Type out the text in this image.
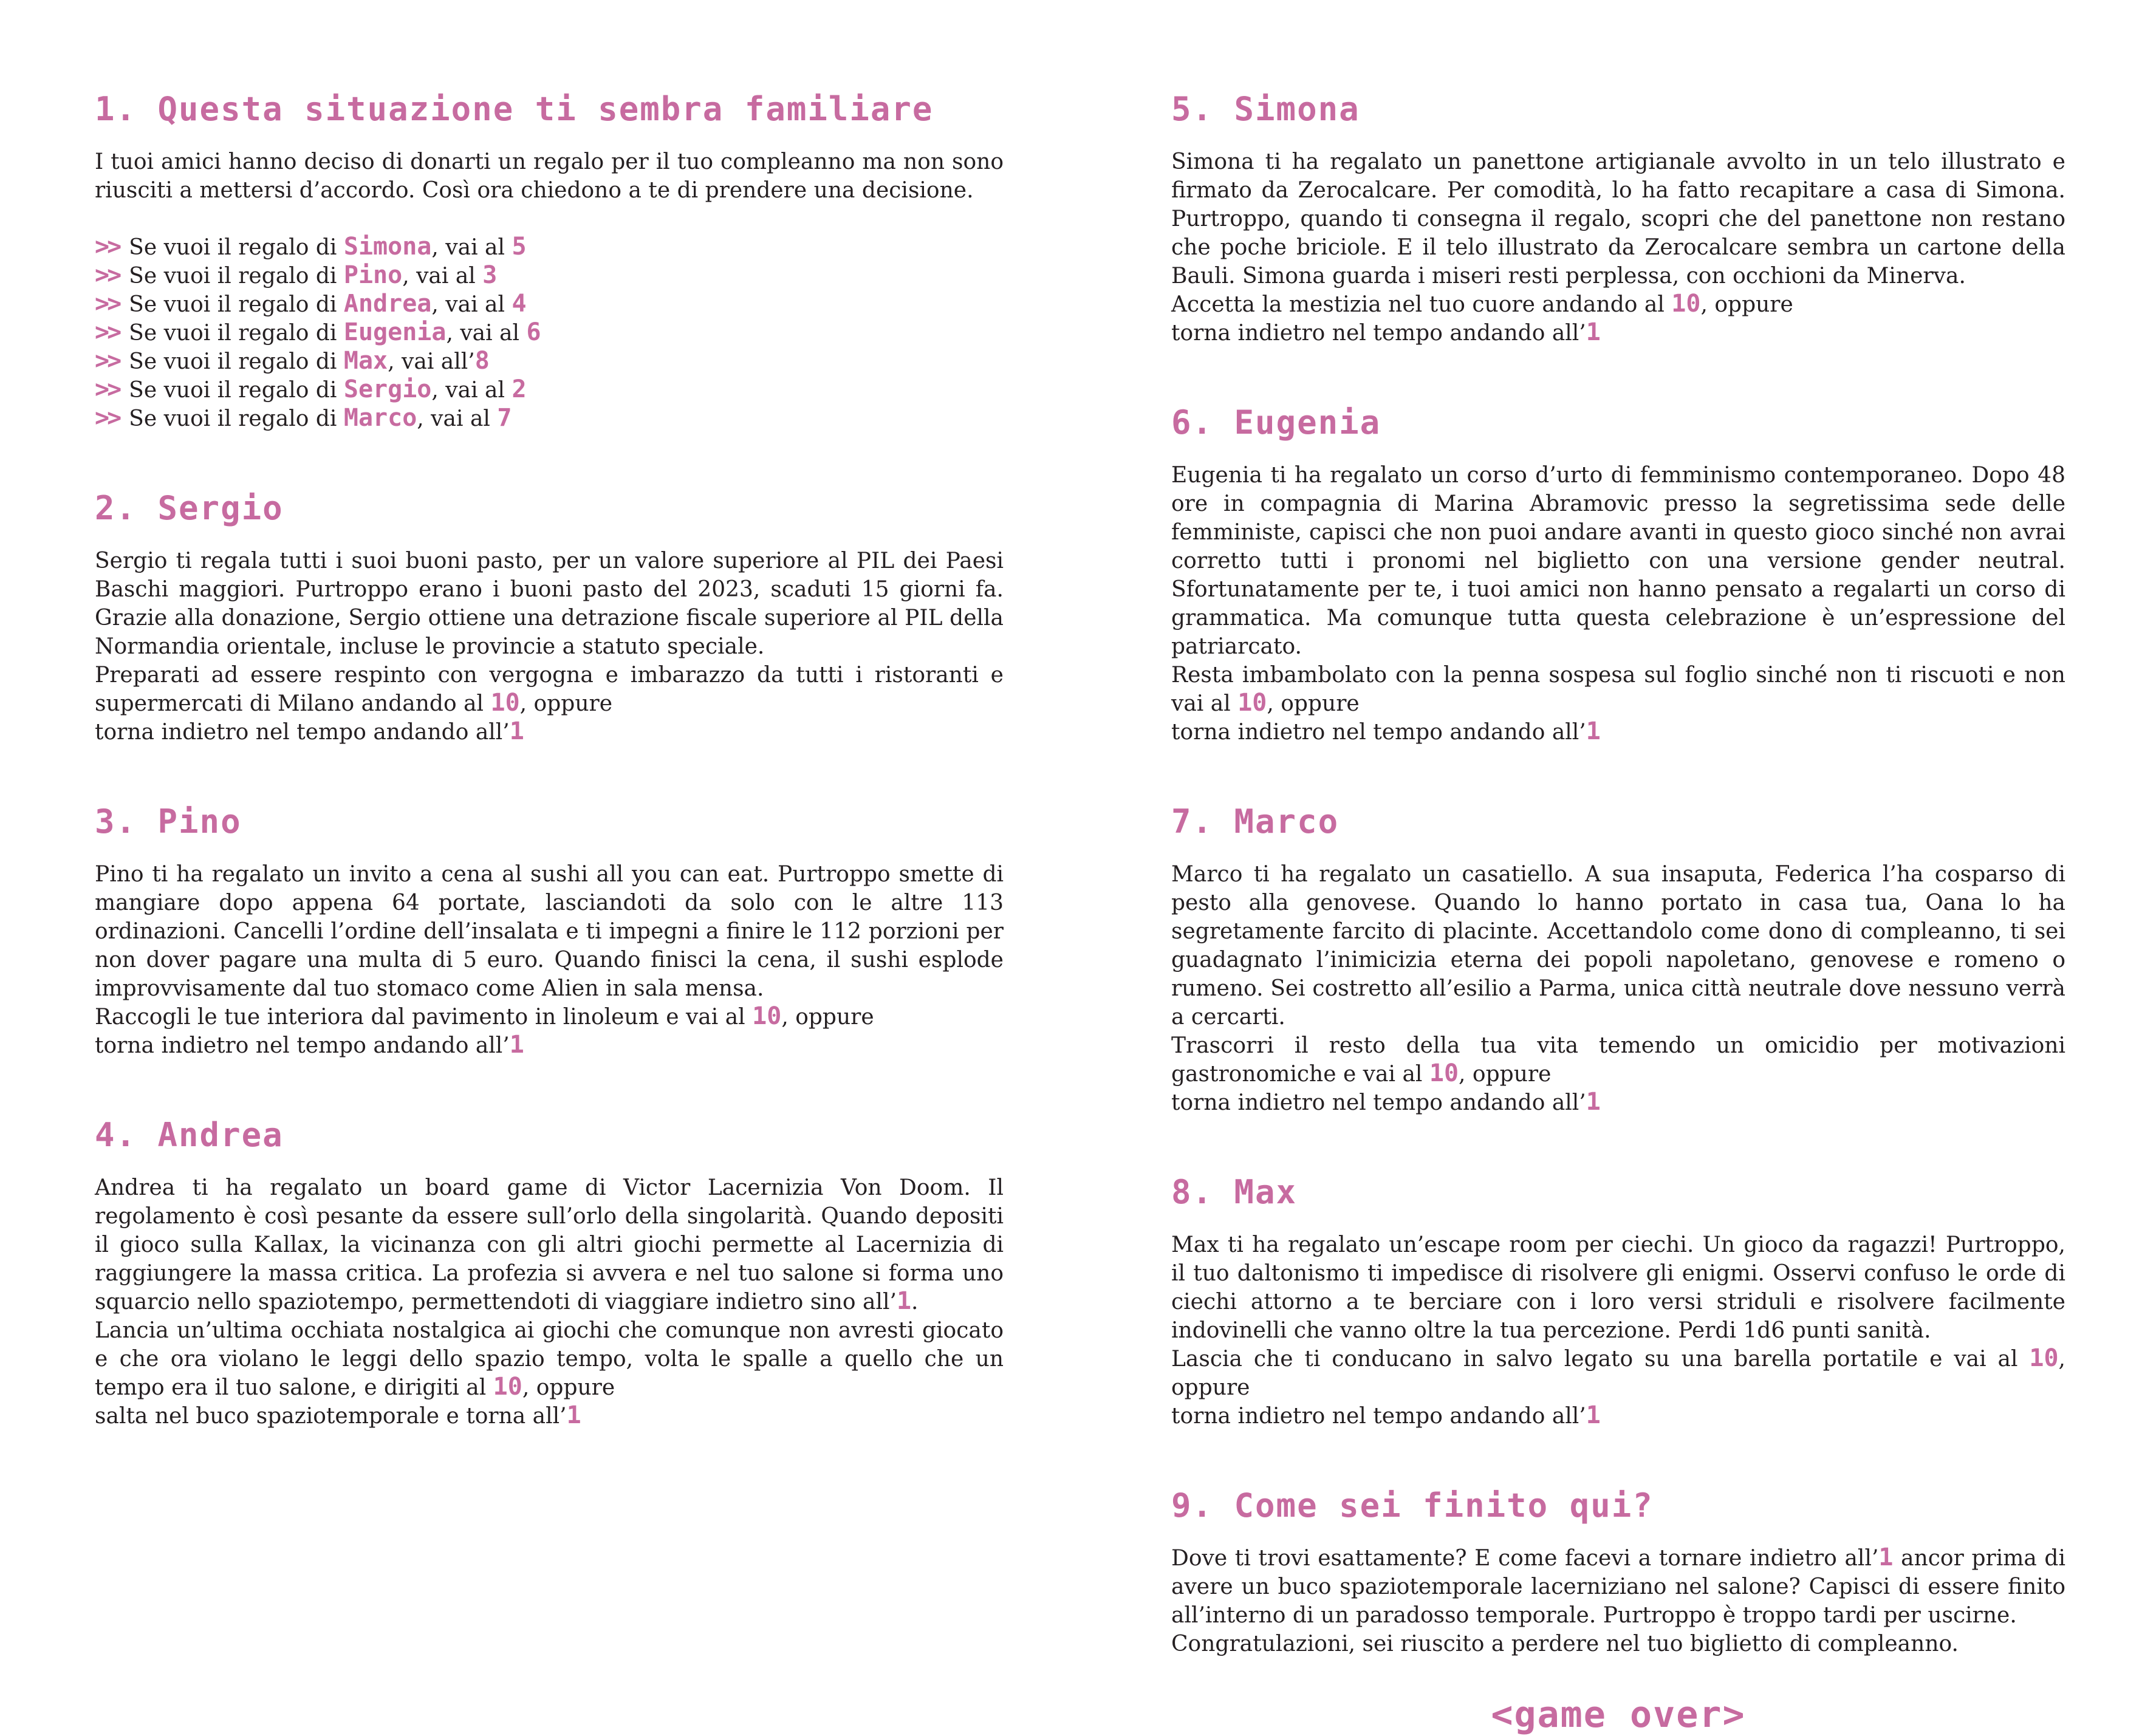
1. Questa situazione ti sembra familiare

I tuoi amici hanno deciso di donarti un regalo per il tuo compleanno ma non sono riusciti a mettersi d’accordo. Così ora chiedono a te di prendere una decisione.

>> Se vuoi il regalo di Simona, vai al 5
>> Se vuoi il regalo di Pino, vai al 3
>> Se vuoi il regalo di Andrea, vai al 4
>> Se vuoi il regalo di Eugenia, vai al 6
>> Se vuoi il regalo di Max, vai all’8
>> Se vuoi il regalo di Sergio, vai al 2
>> Se vuoi il regalo di Marco, vai al 7
2. Sergio

Sergio ti regala tutti i suoi buoni pasto, per un valore superiore al PIL dei Paesi Baschi maggiori. Purtroppo erano i buoni pasto del 2023, scaduti 15 giorni fa. Grazie alla donazione, Sergio ottiene una detrazione fiscale superiore al PIL della Normandia orientale, incluse le provincie a statuto speciale.

Preparati ad essere respinto con vergogna e imbarazzo da tutti i ristoranti e supermercati di Milano andando al 10, oppure

torna indietro nel tempo andando all’1

3. Pino

Pino ti ha regalato un invito a cena al sushi all you can eat. Purtroppo smette di mangiare dopo appena 64 portate, lasciandoti da solo con le altre 113 ordinazioni. Cancelli l’ordine dell’insalata e ti impegni a finire le 112 porzioni per non dover pagare una multa di 5 euro. Quando finisci la cena, il sushi esplode improvvisamente dal tuo stomaco come Alien in sala mensa.

Raccogli le tue interiora dal pavimento in linoleum e vai al 10, oppure

torna indietro nel tempo andando all’1

4. Andrea

Andrea ti ha regalato un board game di Victor Lacernizia Von Doom. Il regolamento è così pesante da essere sull’orlo della singolarità. Quando depositi il gioco sulla Kallax, la vicinanza con gli altri giochi permette al Lacernizia di raggiungere la massa critica. La profezia si avvera e nel tuo salone si forma uno squarcio nello spaziotempo, permettendoti di viaggiare indietro sino all’1.

Lancia un’ultima occhiata nostalgica ai giochi che comunque non avresti giocato e che ora violano le leggi dello spazio tempo, volta le spalle a quello che un tempo era il tuo salone, e dirigiti al 10, oppure

salta nel buco spaziotemporale e torna all’1

5. Simona

Simona ti ha regalato un panettone artigianale avvolto in un telo illustrato e firmato da Zerocalcare. Per comodità, lo ha fatto recapitare a casa di Simona. Purtroppo, quando ti consegna il regalo, scopri che del panettone non restano che poche briciole. E il telo illustrato da Zerocalcare sembra un cartone della Bauli. Simona guarda i miseri resti perplessa, con occhioni da Minerva.

Accetta la mestizia nel tuo cuore andando al 10, oppure

torna indietro nel tempo andando all’1

6. Eugenia

Eugenia ti ha regalato un corso d’urto di femminismo contemporaneo. Dopo 48 ore in compagnia di Marina Abramovic presso la segretissima sede delle femministe, capisci che non puoi andare avanti in questo gioco sinché non avrai corretto tutti i pronomi nel biglietto con una versione gender neutral. Sfortunatamente per te, i tuoi amici non hanno pensato a regalarti un corso di grammatica. Ma comunque tutta questa celebrazione è un’espressione del patriarcato.

Resta imbambolato con la penna sospesa sul foglio sinché non ti riscuoti e non vai al 10, oppure

torna indietro nel tempo andando all’1

7. Marco

Marco ti ha regalato un casatiello. A sua insaputa, Federica l’ha cosparso di pesto alla genovese. Quando lo hanno portato in casa tua, Oana lo ha segretamente farcito di placinte. Accettandolo come dono di compleanno, ti sei guadagnato l’inimicizia eterna dei popoli napoletano, genovese e romeno o rumeno. Sei costretto all’esilio a Parma, unica città neutrale dove nessuno verrà a cercarti.

Trascorri il resto della tua vita temendo un omicidio per motivazioni gastronomiche e vai al 10, oppure

torna indietro nel tempo andando all’1

8. Max

Max ti ha regalato un’escape room per ciechi. Un gioco da ragazzi! Purtroppo, il tuo daltonismo ti impedisce di risolvere gli enigmi. Osservi confuso le orde di ciechi attorno a te berciare con i loro versi striduli e risolvere facilmente indovinelli che vanno oltre la tua percezione. Perdi 1d6 punti sanità.

Lascia che ti conducano in salvo legato su una barella portatile e vai al 10, oppure

torna indietro nel tempo andando all’1

9. Come sei finito qui?

Dove ti trovi esattamente? E come facevi a tornare indietro all’1 ancor prima di avere un buco spaziotemporale lacerniziano nel salone? Capisci di essere finito all’interno di un paradosso temporale. Purtroppo è troppo tardi per uscirne.

Congratulazioni, sei riuscito a perdere nel tuo biglietto di compleanno.

<game over>
